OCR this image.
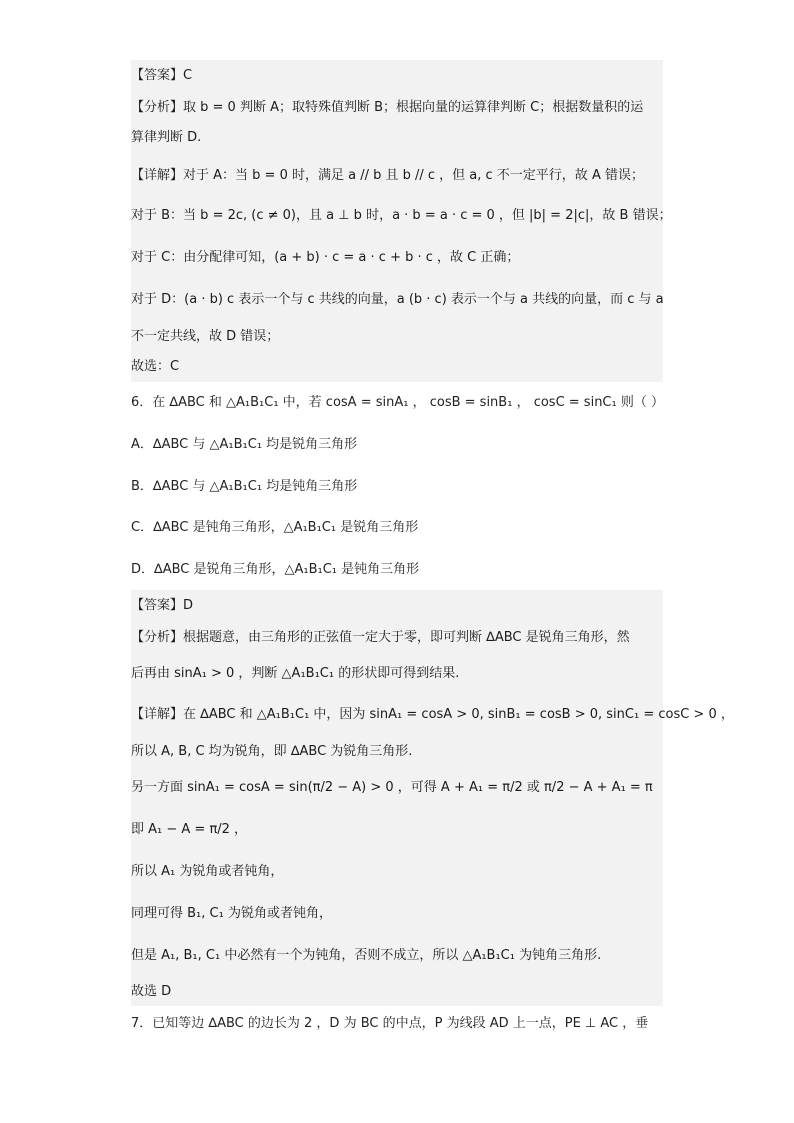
【答案】C
【分析】取 b = 0 判断 A；取特殊值判断 B；根据向量的运算律判断 C；根据数量积的运
算律判断 D.
【详解】对于 A：当 b = 0 时，满足 a // b 且 b // c ，但 a, c 不一定平行，故 A 错误；
对于 B：当 b = 2c, (c ≠ 0)，且 a ⊥ b 时，a · b = a · c = 0 ，但 |b| = 2|c|，故 B 错误；
对于 C：由分配律可知，(a + b) · c = a · c + b · c ，故 C 正确；
对于 D：(a · b) c 表示一个与 c 共线的向量，a (b · c) 表示一个与 a 共线的向量，而 c 与 a
不一定共线，故 D 错误；
故选：C
6．在 ∆ABC 和 △A₁B₁C₁ 中，若 cosA = sinA₁ ， cosB = sinB₁ ， cosC = sinC₁ 则（ ）
A．∆ABC 与 △A₁B₁C₁ 均是锐角三角形
B．∆ABC 与 △A₁B₁C₁ 均是钝角三角形
C．∆ABC 是钝角三角形，△A₁B₁C₁ 是锐角三角形
D．∆ABC 是锐角三角形，△A₁B₁C₁ 是钝角三角形
【答案】D
【分析】根据题意，由三角形的正弦值一定大于零，即可判断 ∆ABC 是锐角三角形，然
后再由 sinA₁ > 0 ，判断 △A₁B₁C₁ 的形状即可得到结果.
【详解】在 ∆ABC 和 △A₁B₁C₁ 中，因为 sinA₁ = cosA > 0, sinB₁ = cosB > 0, sinC₁ = cosC > 0 ，
所以 A, B, C 均为锐角，即 ∆ABC 为锐角三角形.
另一方面 sinA₁ = cosA = sin(π/2 − A) > 0 ，可得 A + A₁ = π/2 或 π/2 − A + A₁ = π
即 A₁ − A = π/2 ，
所以 A₁ 为锐角或者钝角，
同理可得 B₁, C₁ 为锐角或者钝角，
但是 A₁, B₁, C₁ 中必然有一个为钝角，否则不成立，所以 △A₁B₁C₁ 为钝角三角形.
故选 D
7．已知等边 ∆ABC 的边长为 2 ，D 为 BC 的中点，P 为线段 AD 上一点，PE ⊥ AC ，垂
